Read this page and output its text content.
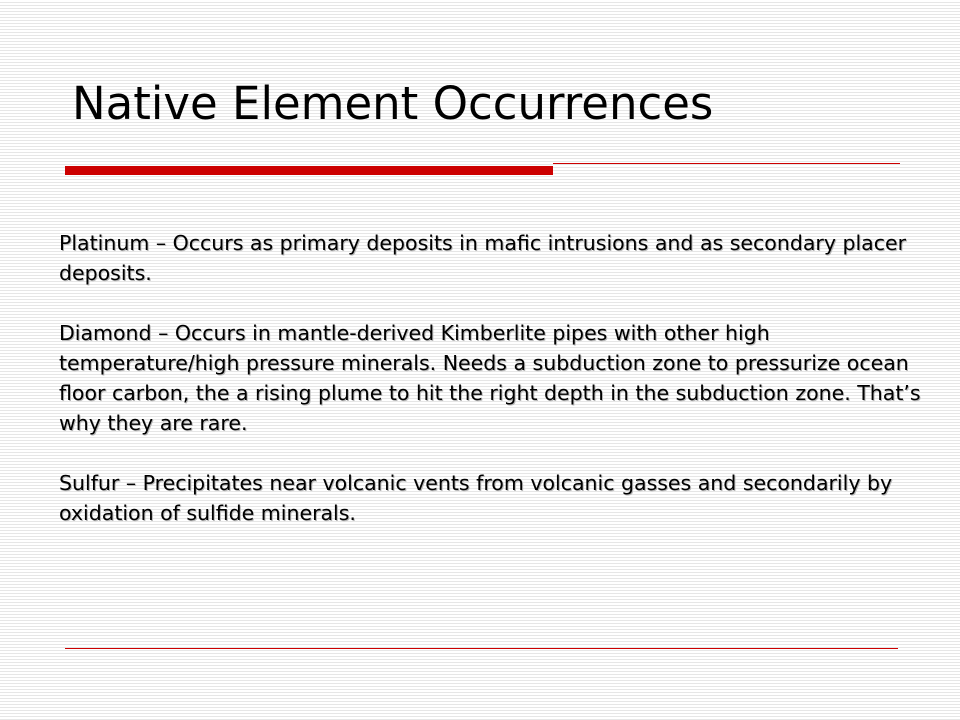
Native Element Occurrences

Platinum – Occurs as primary deposits in mafic intrusions and as secondary placer deposits.

Diamond – Occurs in mantle-derived Kimberlite pipes with other high temperature/high pressure minerals. Needs a subduction zone to pressurize ocean floor carbon, the a rising plume to hit the right depth in the subduction zone. That’s why they are rare.

Sulfur – Precipitates near volcanic vents from volcanic gasses and secondarily by oxidation of sulfide minerals.
